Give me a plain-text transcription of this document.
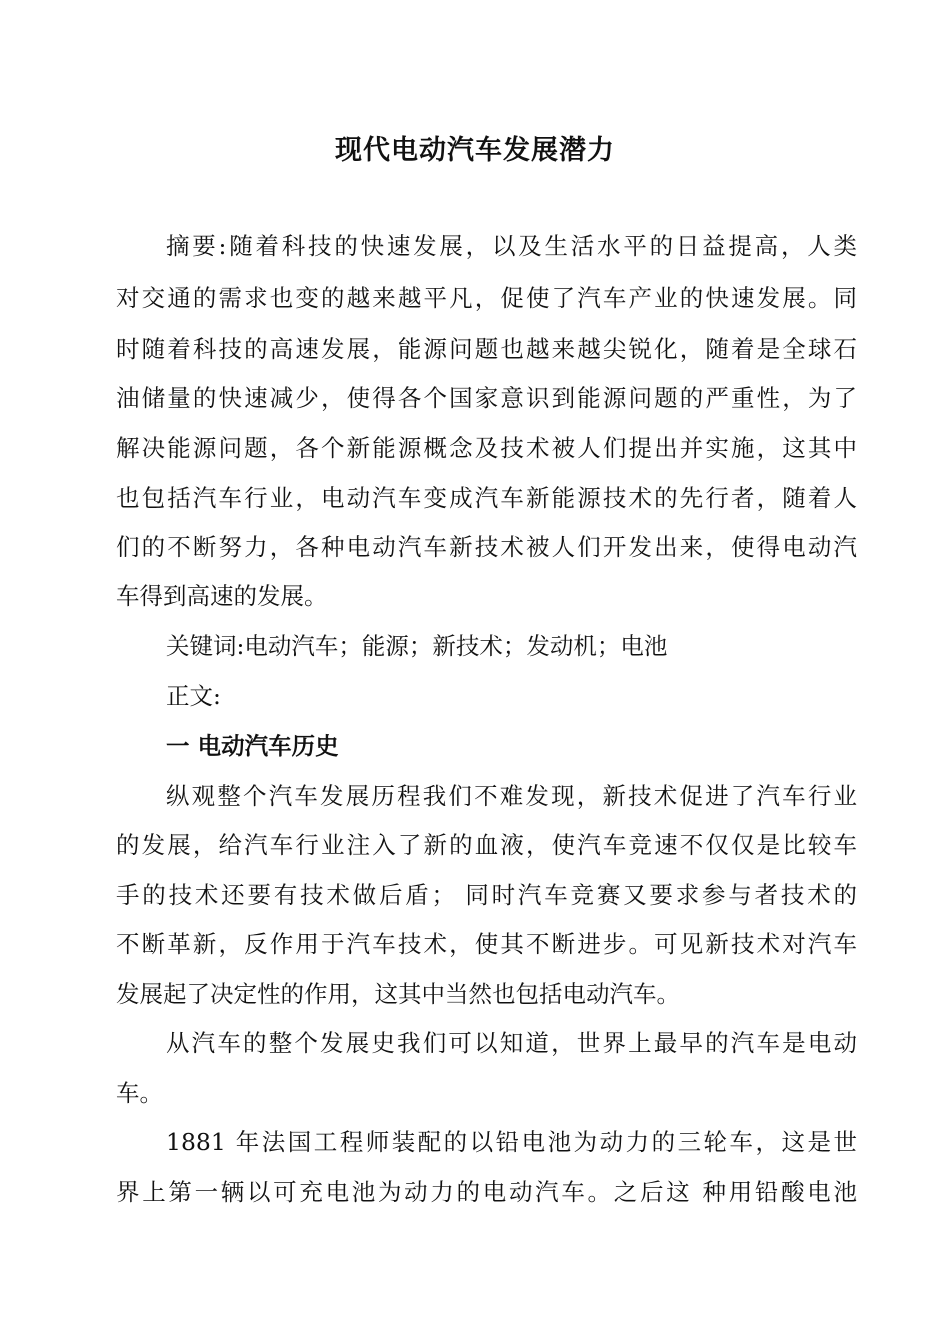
现代电动汽车发展潜力

摘要:随着科技的快速发展，以及生活水平的日益提高，人类

对交通的需求也变的越来越平凡，促使了汽车产业的快速发展。同

时随着科技的高速发展，能源问题也越来越尖锐化，随着是全球石

油储量的快速减少，使得各个国家意识到能源问题的严重性，为了

解决能源问题，各个新能源概念及技术被人们提出并实施，这其中

也包括汽车行业，电动汽车变成汽车新能源技术的先行者，随着人

们的不断努力，各种电动汽车新技术被人们开发出来，使得电动汽

车得到高速的发展。

关键词:电动汽车；能源；新技术；发动机；电池

正文:

一 电动汽车历史

纵观整个汽车发展历程我们不难发现，新技术促进了汽车行业

的发展，给汽车行业注入了新的血液，使汽车竞速不仅仅是比较车

手的技术还要有技术做后盾； 同时汽车竞赛又要求参与者技术的

不断革新，反作用于汽车技术，使其不断进步。可见新技术对汽车

发展起了决定性的作用，这其中当然也包括电动汽车。

从汽车的整个发展史我们可以知道，世界上最早的汽车是电动

车。

1881 年法国工程师装配的以铅电池为动力的三轮车，这是世

界上第一辆以可充电池为动力的电动汽车。之后这 种用铅酸电池
